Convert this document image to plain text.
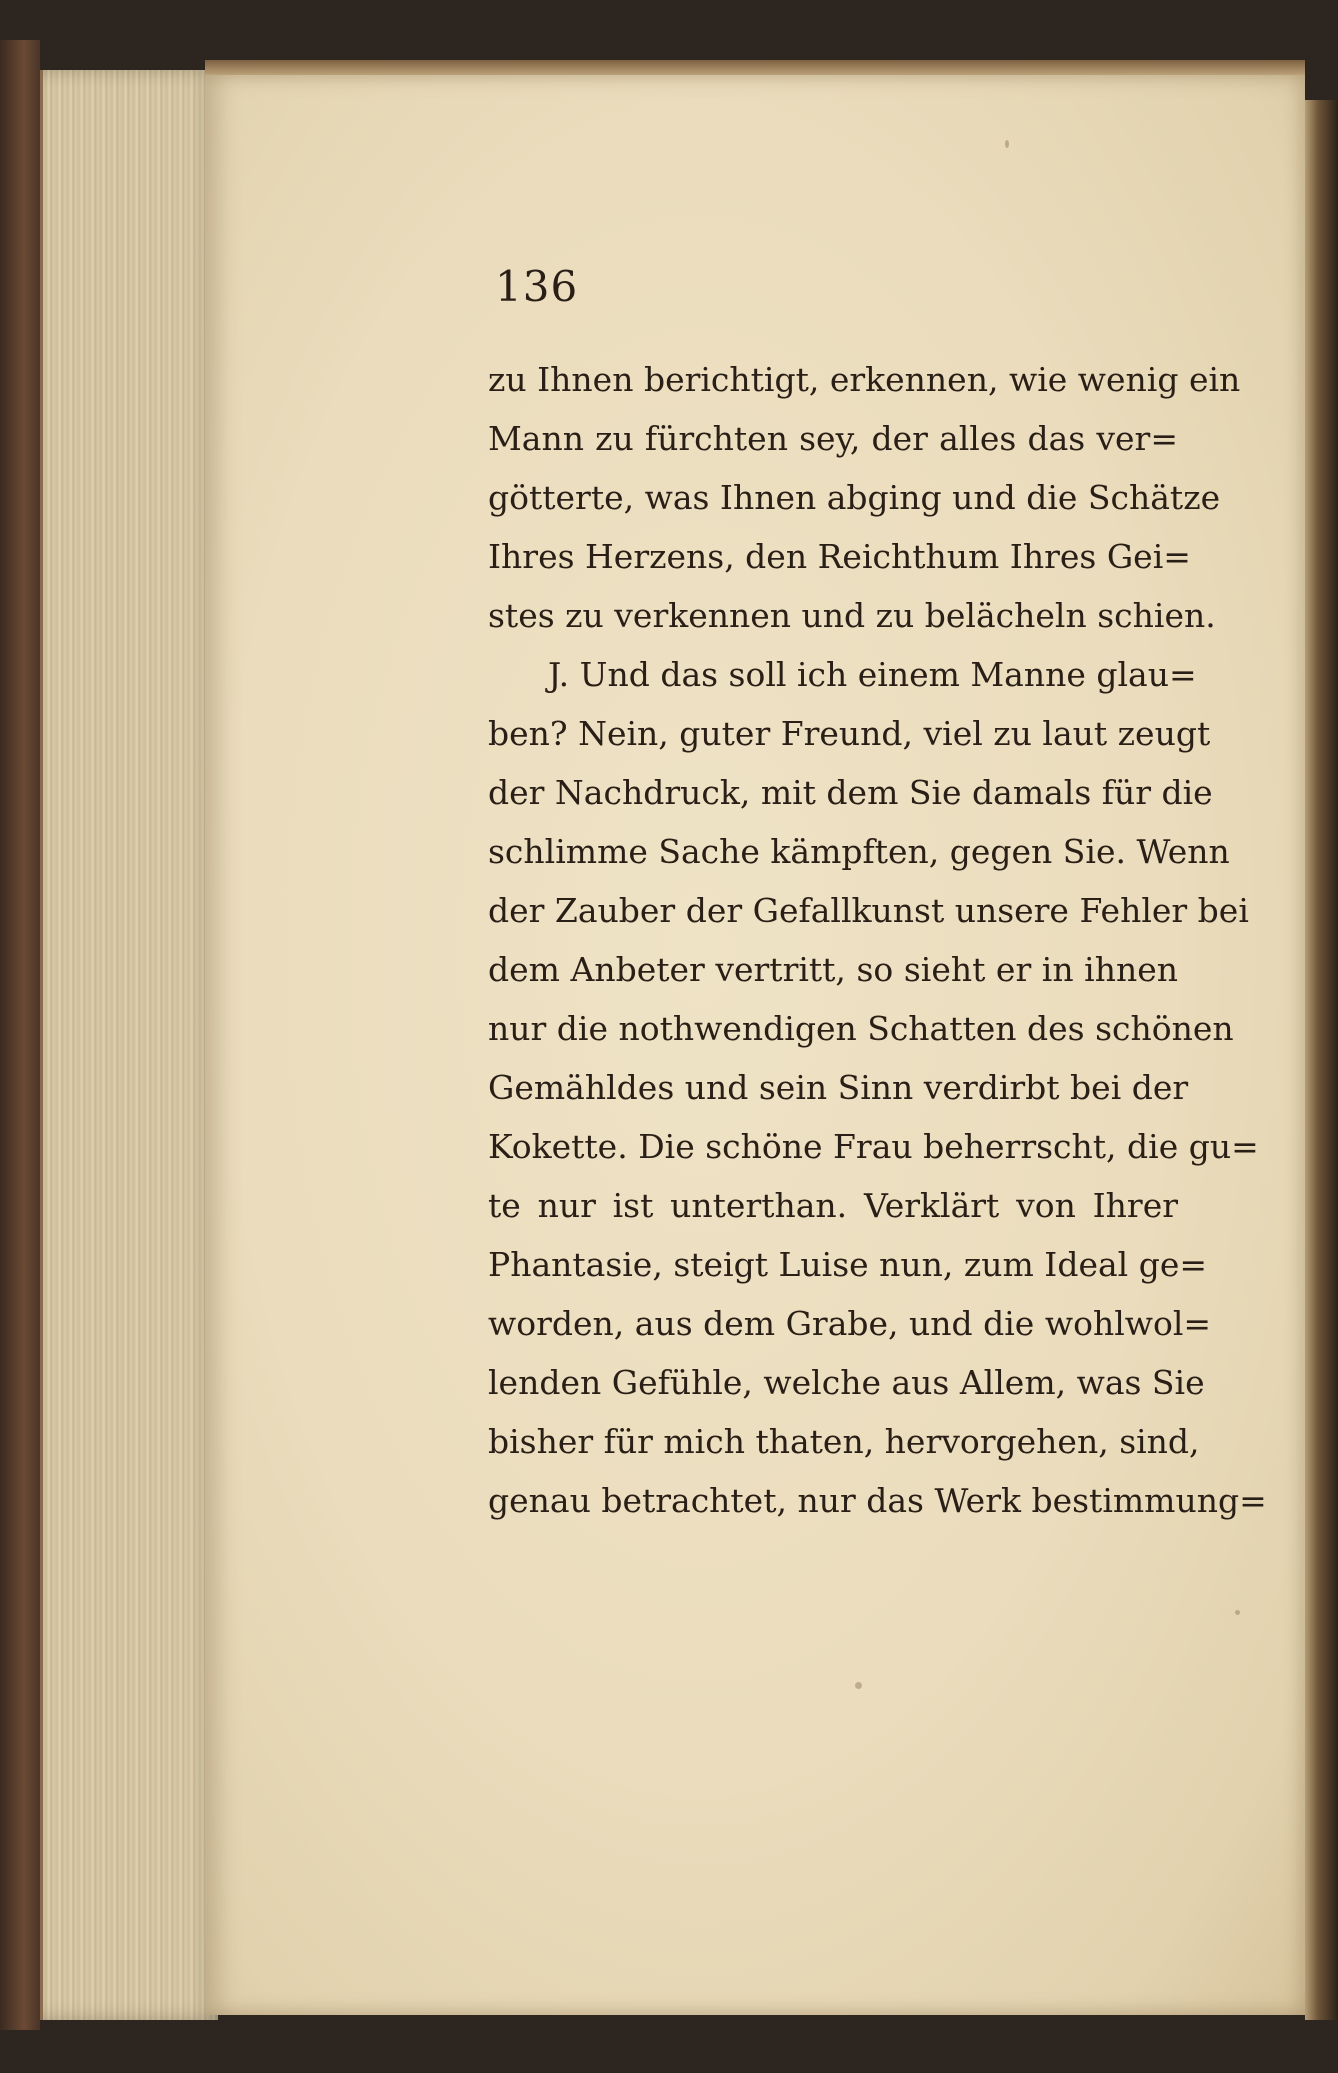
136
zu Ihnen berichtigt, erkennen, wie wenig ein
Mann zu fürchten sey, der alles das ver=
götterte, was Ihnen abging und die Schätze
Ihres Herzens, den Reichthum Ihres Gei=
stes zu verkennen und zu belächeln schien.
J. Und das soll ich einem Manne glau=
ben? Nein, guter Freund, viel zu laut zeugt
der Nachdruck, mit dem Sie damals für die
schlimme Sache kämpften, gegen Sie. Wenn
der Zauber der Gefallkunst unsere Fehler bei
dem Anbeter vertritt, so sieht er in ihnen
nur die nothwendigen Schatten des schönen
Gemähldes und sein Sinn verdirbt bei der
Kokette. Die schöne Frau beherrscht, die gu=
te nur ist unterthan. Verklärt von Ihrer
Phantasie, steigt Luise nun, zum Ideal ge=
worden, aus dem Grabe, und die wohlwol=
lenden Gefühle, welche aus Allem, was Sie
bisher für mich thaten, hervorgehen, sind,
genau betrachtet, nur das Werk bestimmung=
